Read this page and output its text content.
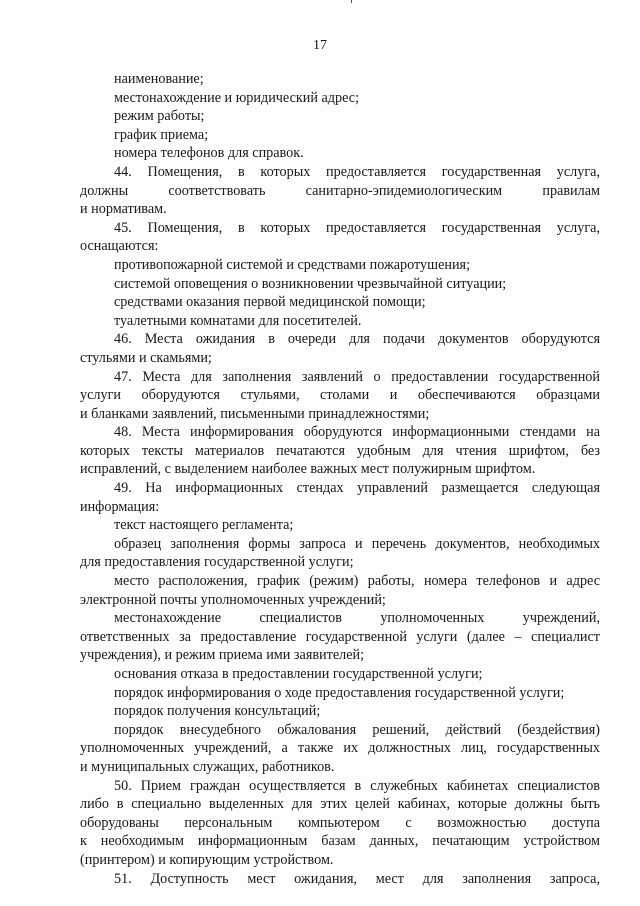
17
наименование;
местонахождение и юридический адрес;
режим работы;
график приема;
номера телефонов для справок.
44. Помещения, в которых предоставляется государственная услуга,
должны соответствовать санитарно-эпидемиологическим правилам
и нормативам.
45. Помещения, в которых предоставляется государственная услуга,
оснащаются:
противопожарной системой и средствами пожаротушения;
системой оповещения о возникновении чрезвычайной ситуации;
средствами оказания первой медицинской помощи;
туалетными комнатами для посетителей.
46. Места ожидания в очереди для подачи документов оборудуются
стульями и скамьями;
47. Места для заполнения заявлений о предоставлении государственной
услуги оборудуются стульями, столами и обеспечиваются образцами
и бланками заявлений, письменными принадлежностями;
48. Места информирования оборудуются информационными стендами на
которых тексты материалов печатаются удобным для чтения шрифтом, без
исправлений, с выделением наиболее важных мест полужирным шрифтом.
49. На информационных стендах управлений размещается следующая
информация:
текст настоящего регламента;
образец заполнения формы запроса и перечень документов, необходимых
для предоставления государственной услуги;
место расположения, график (режим) работы, номера телефонов и адрес
электронной почты уполномоченных учреждений;
местонахождение специалистов уполномоченных учреждений,
ответственных за предоставление государственной услуги (далее – специалист
учреждения), и режим приема ими заявителей;
основания отказа в предоставлении государственной услуги;
порядок информирования о ходе предоставления государственной услуги;
порядок получения консультаций;
порядок внесудебного обжалования решений, действий (бездействия)
уполномоченных учреждений, а также их должностных лиц, государственных
и муниципальных служащих, работников.
50. Прием граждан осуществляется в служебных кабинетах специалистов
либо в специально выделенных для этих целей кабинах, которые должны быть
оборудованы персональным компьютером с возможностью доступа
к необходимым информационным базам данных, печатающим устройством
(принтером) и копирующим устройством.
51. Доступность мест ожидания, мест для заполнения запроса,
